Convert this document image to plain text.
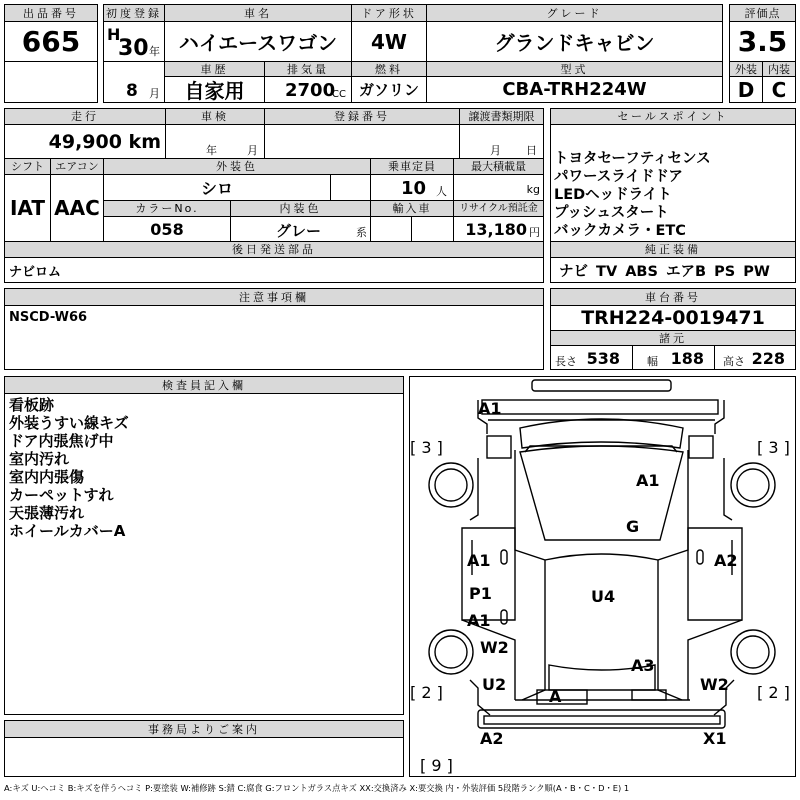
出品番号
665
初度登録
H
30 年
8 月
車名
ハイエースワゴン
ドア形状
4W
グレード
グランドキャビン
評価点
3.5
外装	内装
D C
車歴
自家用
排気量
2700
CC
燃料
ガソリン
型式
CBA-TRH224W
走行
49,900 km
車検
年	月
登録番号	譲渡書類期限
月 日
シフト	エアコン
IAT AAC
外装色
シロ
乗車定員
10 人
最大積載量
kg
カラーNo.
058
内装色
グレー	系
輸入車	リサイクル預託金
13,180 円
後日発送部品
ナビロム
セールスポイント
トヨタセーフティセンス
パワースライドドア
LEDヘッドライト
プッシュスタート
バックカメラ・ETC
純正装備
ナビ TV ABS エアB PS PW
注意事項欄
NSCD-W66
車台番号
TRH224-0019471
諸元
長さ 538 幅 188 高さ 228
検査員記入欄
看板跡
外装うすい線キズ
ドア内張焦げ中
室内汚れ
室内内張傷
カーペットすれ
天張薄汚れ
ホイールカバーA
事務局よりご案内
A1
[ 3 ]	[ 3 ]
A1
G
A1	A2
P1	U4
A1
W2
A3
U2	W2
[ 2 ]	[ 2 ]
A
A2	X1
[ 9 ]
A:キズ U:ヘコミ B:キズを伴うヘコミ P:要塗装 W:補修跡 S:錆 C:腐食 G:フロントガラス点キズ XX:交換済み X:要交換 内・外装評価 5段階ランク順(A・B・C・D・E) 1
